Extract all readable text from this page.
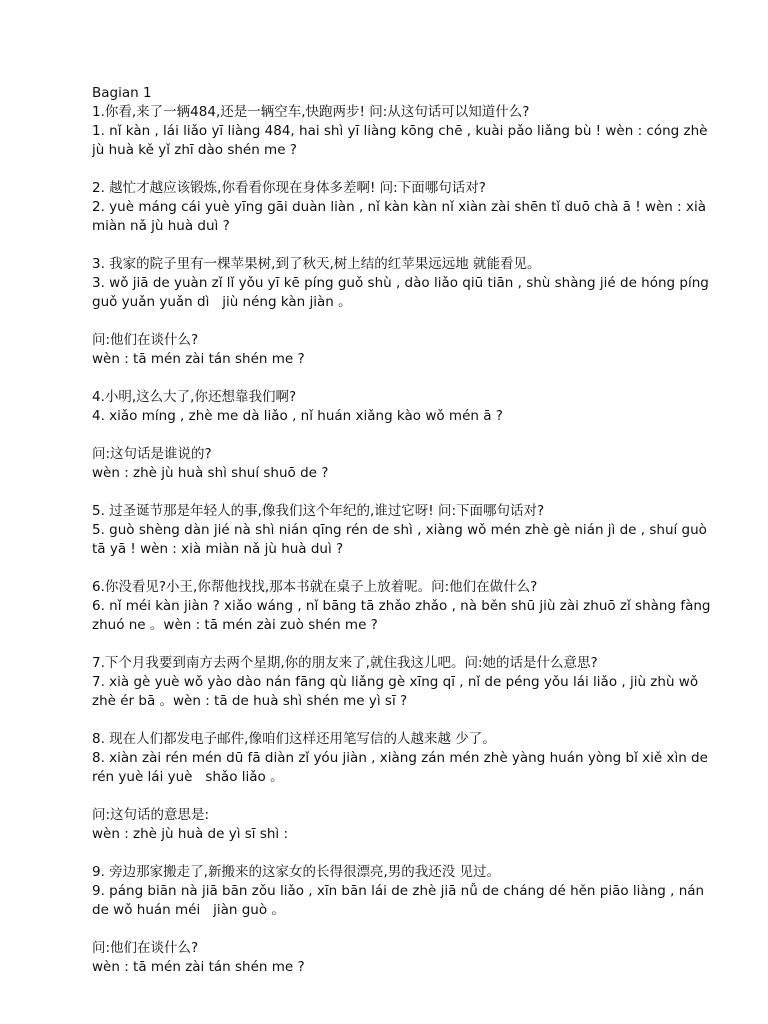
Bagian 1

1.你看,来了一辆484,还是一辆空车,快跑两步! 问:从这句话可以知道什么?

1. nǐ kàn , lái liǎo yī liàng 484, hai shì yī liàng kōng chē , kuài pǎo liǎng bù ! wèn : cóng zhè

jù huà kě yǐ zhī dào shén me ?

2. 越忙才越应该锻炼,你看看你现在身体多差啊! 问:下面哪句话对?

2. yuè máng cái yuè yīng gāi duàn liàn , nǐ kàn kàn nǐ xiàn zài shēn tǐ duō chà ā ! wèn : xià

miàn nǎ jù huà duì ?

3. 我家的院子里有一棵苹果树,到了秋天,树上结的红苹果远远地 就能看见。

3. wǒ jiā de yuàn zǐ lǐ yǒu yī kē píng guǒ shù , dào liǎo qiū tiān , shù shàng jié de hóng píng

guǒ yuǎn yuǎn dì   jiù néng kàn jiàn 。

问:他们在谈什么?

wèn : tā mén zài tán shén me ?

4.小明,这么大了,你还想靠我们啊?

4. xiǎo míng , zhè me dà liǎo , nǐ huán xiǎng kào wǒ mén ā ?

问:这句话是谁说的?

wèn : zhè jù huà shì shuí shuō de ?

5. 过圣诞节那是年轻人的事,像我们这个年纪的,谁过它呀! 问:下面哪句话对?

5. guò shèng dàn jié nà shì nián qīng rén de shì , xiàng wǒ mén zhè gè nián jì de , shuí guò

tā yā ! wèn : xià miàn nǎ jù huà duì ?

6.你没看见?小王,你帮他找找,那本书就在桌子上放着呢。问:他们在做什么?

6. nǐ méi kàn jiàn ? xiǎo wáng , nǐ bāng tā zhǎo zhǎo , nà běn shū jiù zài zhuō zǐ shàng fàng

zhuó ne 。wèn : tā mén zài zuò shén me ?

7.下个月我要到南方去两个星期,你的朋友来了,就住我这儿吧。问:她的话是什么意思?

7. xià gè yuè wǒ yào dào nán fāng qù liǎng gè xīng qī , nǐ de péng yǒu lái liǎo , jiù zhù wǒ

zhè ér bā 。wèn : tā de huà shì shén me yì sī ?

8. 现在人们都发电子邮件,像咱们这样还用笔写信的人越来越 少了。

8. xiàn zài rén mén dū fā diàn zǐ yóu jiàn , xiàng zán mén zhè yàng huán yòng bǐ xiě xìn de

rén yuè lái yuè   shǎo liǎo 。

问:这句话的意思是:

wèn : zhè jù huà de yì sī shì :

9. 旁边那家搬走了,新搬来的这家女的长得很漂亮,男的我还没 见过。

9. páng biān nà jiā bān zǒu liǎo , xīn bān lái de zhè jiā nǚ de cháng dé hěn piāo liàng , nán

de wǒ huán méi   jiàn guò 。

问:他们在谈什么?

wèn : tā mén zài tán shén me ?
